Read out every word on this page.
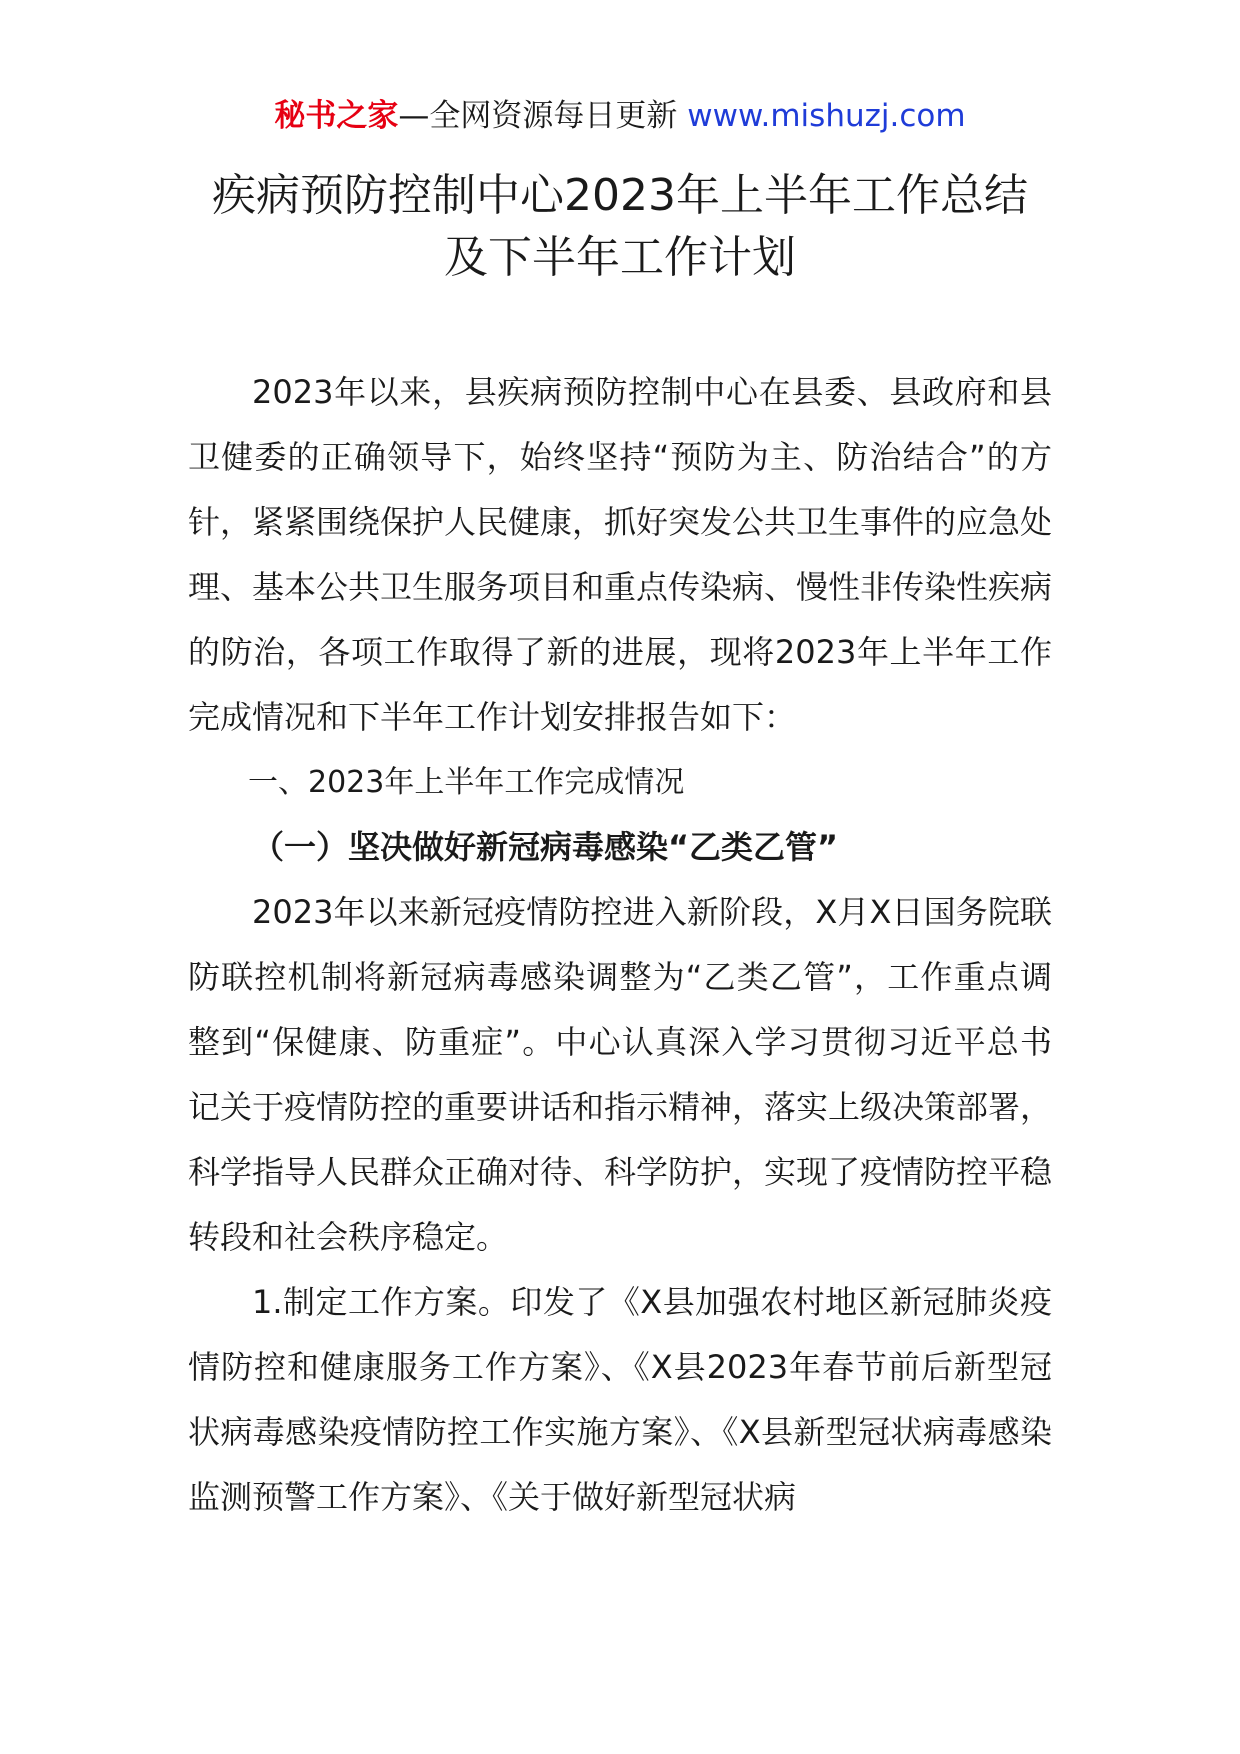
秘书之家—全网资源每日更新 www.mishuzj.com
疾病预防控制中心2023年上半年工作总结
及下半年工作计划

2023年以来，县疾病预防控制中心在县委、县政府和县卫健委的正确领导下，始终坚持“预防为主、防治结合”的方针，紧紧围绕保护人民健康，抓好突发公共卫生事件的应急处理、基本公共卫生服务项目和重点传染病、慢性非传染性疾病的防治，各项工作取得了新的进展，现将2023年上半年工作完成情况和下半年工作计划安排报告如下：

一、2023年上半年工作完成情况

（一）坚决做好新冠病毒感染“乙类乙管”

2023年以来新冠疫情防控进入新阶段，X月X日国务院联防联控机制将新冠病毒感染调整为“乙类乙管”，工作重点调整到“保健康、防重症”。中心认真深入学习贯彻习近平总书记关于疫情防控的重要讲话和指示精神，落实上级决策部署，科学指导人民群众正确对待、科学防护，实现了疫情防控平稳转段和社会秩序稳定。

1.制定工作方案。印发了《X县加强农村地区新冠肺炎疫情防控和健康服务工作方案》、《X县2023年春节前后新型冠状病毒感染疫情防控工作实施方案》、《X县新型冠状病毒感染监测预警工作方案》、《关于做好新型冠状病
